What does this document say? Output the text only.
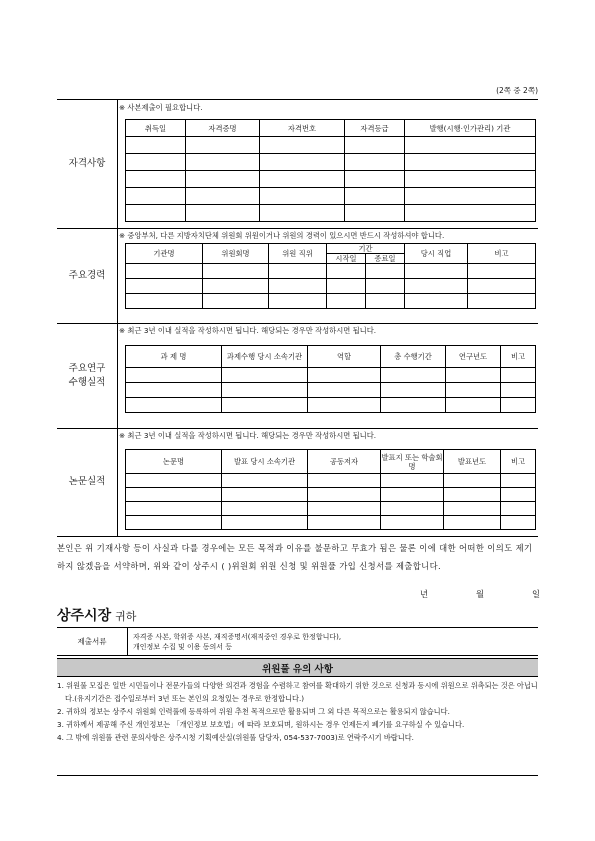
(2쪽 중 2쪽)
자격사항
※ 사본제출이 필요합니다.
취득일	자격증명	자격번호	자격등급	발행(시행·인가관리) 기관

주요경력
※ 중앙부처, 다른 지방자치단체 위원회 위원이거나 위원의 경력이 있으시면 반드시 작성하셔야 합니다.
기관명	위원회명	위원 직위	기간		당시 직업	비고
			시작일	종료일		

주요연구
수행실적
※ 최근 3년 이내 실적을 작성하시면 됩니다. 해당되는 경우만 작성하시면 됩니다.
과 제 명	과제수행 당시 소속기관	역할	총 수행기간	연구년도	비고

논문실적
※ 최근 3년 이내 실적을 작성하시면 됩니다. 해당되는 경우만 작성하시면 됩니다.
논문명	발표 당시 소속기관	공동저자	발표지 또는 학술회 명	발표년도	비고

본인은 위 기재사항 등이 사실과 다를 경우에는 모든 목적과 이유를 불문하고 무효가 됨은 물론 이에 대한 어떠한 이의도 제기하지 않겠음을 서약하며, 위와 같이 상주시 ( )위원회 위원 신청 및 위원풀 가입 신청서를 제출합니다.
년	월	일
상주시장 귀하
제출서류	자격증 사본, 학위증 사본, 재직증명서(재직중인 경우로 한정합니다),
개인정보 수집 및 이용 동의서 등
위원풀 유의 사항
1. 위원풀 모집은 일반 시민들이나 전문가들의 다양한 의견과 경험을 수렴하고 참여를 확대하기 위한 것으로 신청과 동시에 위원으로 위촉되는 것은 아닙니다.(유지기간은 접수일로부터 3년 또는 본인의 요청있는 경우로 한정합니다.)
2. 귀하의 정보는 상주시 위원회 인력풀에 등록하여 위원 추천 목적으로만 활용되며 그 외 다른 목적으로는 활용되지 않습니다.
3. 귀하께서 제공해 주신 개인정보는 「개인정보 보호법」에 따라 보호되며, 원하시는 경우 언제든지 폐기를 요구하실 수 있습니다.
4. 그 밖에 위원풀 관련 문의사항은 상주시청 기획예산실(위원풀 담당자, 054-537-7003)로 연락주시기 바랍니다.
